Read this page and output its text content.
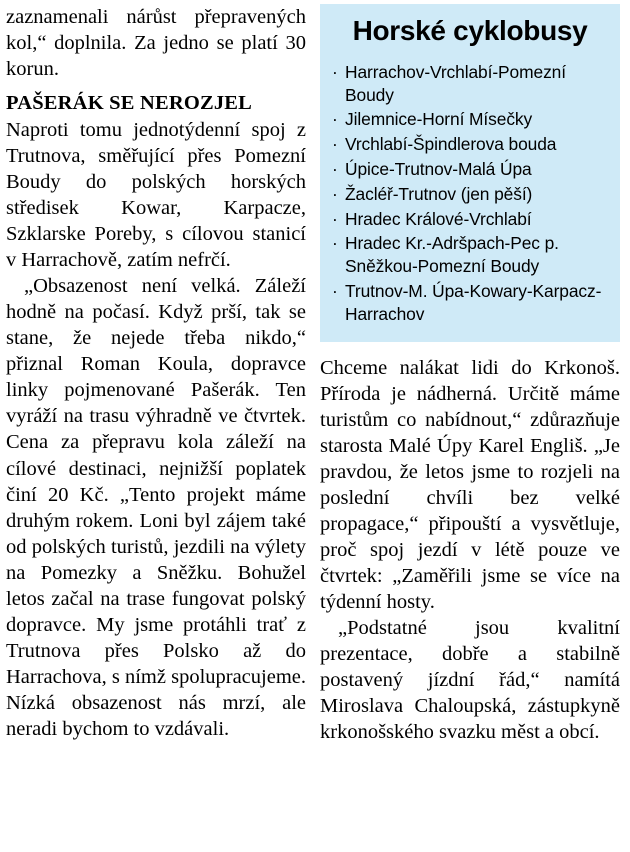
zaznamenali nárůst přepravených kol,“ doplnila. Za jedno se platí 30 korun.

PAŠERÁK SE NEROZJEL

Naproti tomu jednotýdenní spoj z Trutnova, směřující přes Pomezní Boudy do polských horských středisek Kowar, Karpacze, Szklarske Poreby, s cílovou stanicí v Harrachově, zatím nefrčí.

„Obsazenost není velká. Záleží hodně na počasí. Když prší, tak se stane, že nejede třeba nikdo,“ přiznal Roman Koula, dopravce linky pojmenované Pašerák. Ten vyráží na trasu výhradně ve čtvrtek. Cena za přepravu kola záleží na cílové destinaci, nejnižší poplatek činí 20 Kč. „Tento projekt máme druhým rokem. Loni byl zájem také od polských turistů, jezdili na výlety na Pomezky a Sněžku. Bohužel letos začal na trase fungovat polský dopravce. My jsme protáhli trať z Trutnova přes Polsko až do Harrachova, s nímž spolupracujeme. Nízká obsazenost nás mrzí, ale neradi bychom to vzdávali.

Horské cyklobusy
· Harrachov-Vrchlabí-Pomezní Boudy
· Jilemnice-Horní Mísečky
· Vrchlabí-Špindlerova bouda
· Úpice-Trutnov-Malá Úpa
· Žacléř-Trutnov (jen pěší)
· Hradec Králové-Vrchlabí
· Hradec Kr.-Adršpach-Pec p. Sněžkou-Pomezní Boudy
· Trutnov-M. Úpa-Kowary-Karpacz-Harrachov

Chceme nalákat lidi do Krkonoš. Příroda je nádherná. Určitě máme turistům co nabídnout,“ zdůrazňuje starosta Malé Úpy Karel Engliš. „Je pravdou, že letos jsme to rozjeli na poslední chvíli bez velké propagace,“ připouští a vysvětluje, proč spoj jezdí v létě pouze ve čtvrtek: „Zaměřili jsme se více na týdenní hosty.

„Podstatné jsou kvalitní prezentace, dobře a stabilně postavený jízdní řád,“ namítá Miroslava Chaloupská, zástupkyně krkonošského svazku měst a obcí.
